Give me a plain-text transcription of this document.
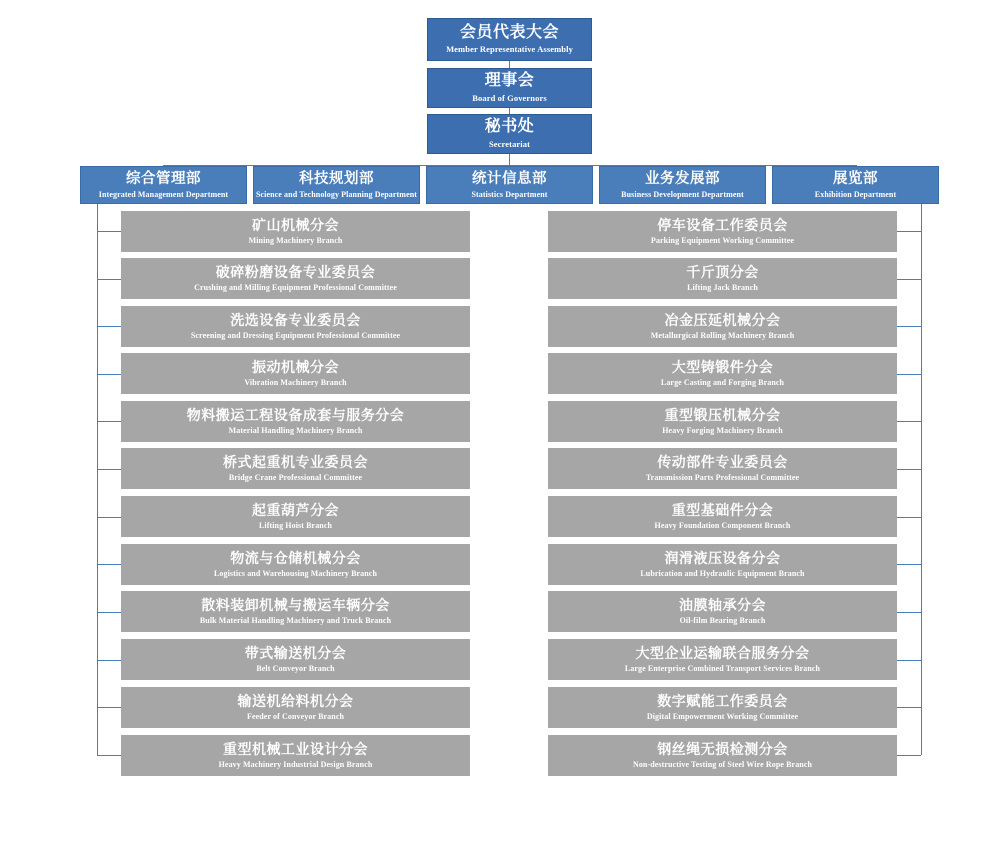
会员代表大会
Member Representative Assembly
理事会
Board of Governors
秘书处
Secretariat
综合管理部
Integrated Management Department
科技规划部
Science and Technology Planning Department
统计信息部
Statistics Department
业务发展部
Business Development Department
展览部
Exhibition Department
矿山机械分会
Mining Machinery Branch
破碎粉磨设备专业委员会
Crushing and Milling Equipment Professional Committee
洗选设备专业委员会
Screening and Dressing Equipment Professional Committee
振动机械分会
Vibration Machinery Branch
物料搬运工程设备成套与服务分会
Material Handling Machinery Branch
桥式起重机专业委员会
Bridge Crane Professional Committee
起重葫芦分会
Lifting Hoist Branch
物流与仓储机械分会
Logistics and Warehousing Machinery Branch
散料装卸机械与搬运车辆分会
Bulk Material Handling Machinery and Truck Branch
带式输送机分会
Belt Conveyor Branch
输送机给料机分会
Feeder of Conveyor Branch
重型机械工业设计分会
Heavy Machinery Industrial Design Branch
停车设备工作委员会
Parking Equipment Working Committee
千斤顶分会
Lifting Jack Branch
冶金压延机械分会
Metallurgical Rolling Machinery Branch
大型铸锻件分会
Large Casting and Forging Branch
重型锻压机械分会
Heavy Forging Machinery Branch
传动部件专业委员会
Transmission Parts Professional Committee
重型基础件分会
Heavy Foundation Component Branch
润滑液压设备分会
Lubrication and Hydraulic Equipment Branch
油膜轴承分会
Oil-film Bearing Branch
大型企业运输联合服务分会
Large Enterprise Combined Transport Services Branch
数字赋能工作委员会
Digital Empowerment Working Committee
钢丝绳无损检测分会
Non-destructive Testing of Steel Wire Rope Branch
